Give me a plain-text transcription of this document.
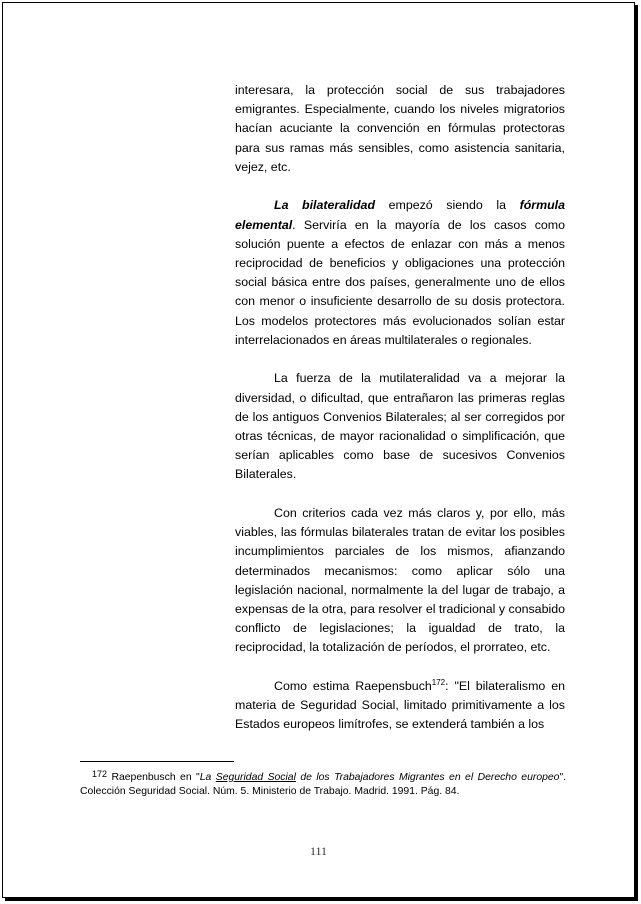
interesara, la protección social de sus trabajadores emigrantes. Especialmente, cuando los niveles migratorios hacían acuciante la convención en fórmulas protectoras para sus ramas más sensibles, como asistencia sanitaria, vejez, etc.

La bilateralidad empezó siendo la fórmula elemental. Serviría en la mayoría de los casos como solución puente a efectos de enlazar con más a menos reciprocidad de beneficios y obligaciones una protección social básica entre dos países, generalmente uno de ellos con menor o insuficiente desarrollo de su dosis protectora. Los modelos protectores más evolucionados solían estar interrelacionados en áreas multilaterales o regionales.

La fuerza de la mutilateralidad va a mejorar la diversidad, o dificultad, que entrañaron las primeras reglas de los antiguos Convenios Bilaterales; al ser corregidos por otras técnicas, de mayor racionalidad o simplificación, que serían aplicables como base de sucesivos Convenios Bilaterales.

Con criterios cada vez más claros y, por ello, más viables, las fórmulas bilaterales tratan de evitar los posibles incumplimientos parciales de los mismos, afianzando determinados mecanismos: como aplicar sólo una legislación nacional, normalmente la del lugar de trabajo, a expensas de la otra, para resolver el tradicional y consabido conflicto de legislaciones; la igualdad de trato, la reciprocidad, la totalización de períodos, el prorrateo, etc.

Como estima Raepensbuch$^{172}$: "El bilateralismo en materia de Seguridad Social, limitado primitivamente a los Estados europeos limítrofes, se extenderá también a los

172 Raepenbusch en "La Seguridad Social de los Trabajadores Migrantes en el Derecho europeo". Colección Seguridad Social. Núm. 5. Ministerio de Trabajo. Madrid. 1991. Pág. 84.
111
